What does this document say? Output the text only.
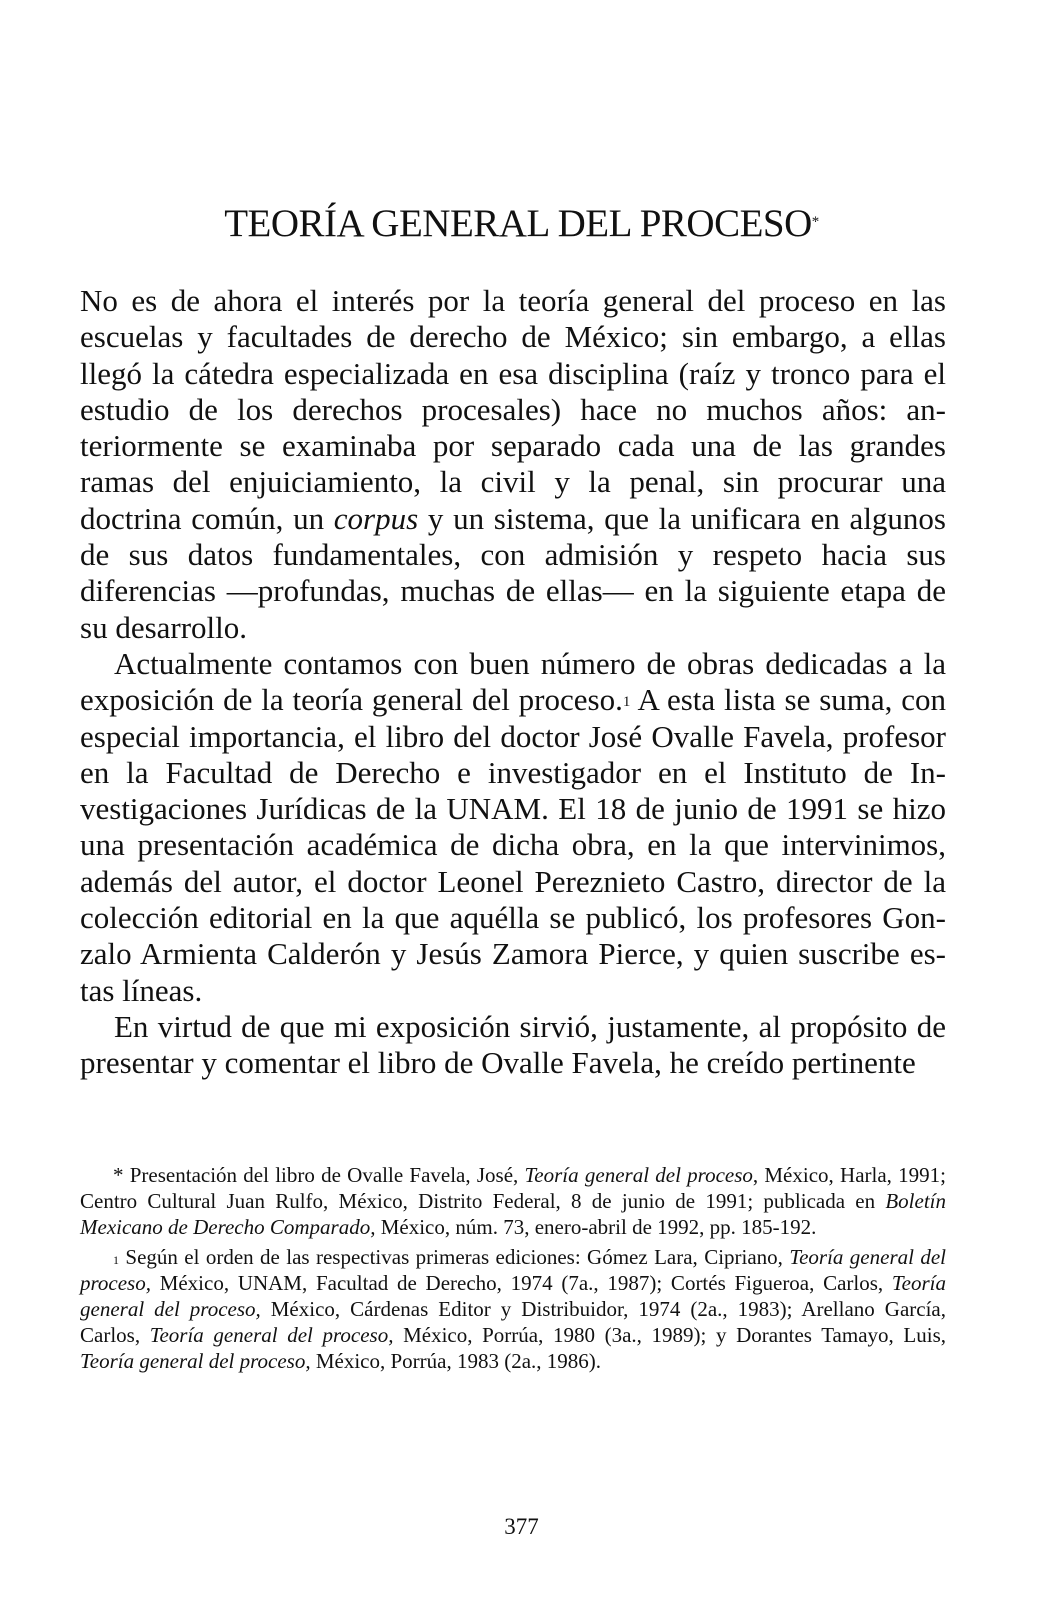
TEORÍA GENERAL DEL PROCESO*

No es de ahora el interés por la teoría general del proceso en las escuelas y facultades de derecho de México; sin embargo, a ellas llegó la cátedra especializada en esa disciplina (raíz y tronco para el estudio de los derechos procesales) hace no muchos años: anteriormente se examinaba por separado cada una de las grandes ramas del enjuiciamiento, la civil y la penal, sin procurar una doctrina común, un corpus y un sistema, que la unificara en algunos de sus datos fundamentales, con admisión y respeto hacia sus diferencias —profundas, muchas de ellas— en la siguiente etapa de su desarrollo.

Actualmente contamos con buen número de obras dedicadas a la exposición de la teoría general del proceso.$^1$ A esta lista se suma, con especial importancia, el libro del doctor José Ovalle Favela, profesor en la Facultad de Derecho e investigador en el Instituto de Investigaciones Jurídicas de la UNAM. El 18 de junio de 1991 se hizo una presentación académica de dicha obra, en la que intervinimos, además del autor, el doctor Leonel Pereznieto Castro, director de la colección editorial en la que aquélla se publicó, los profesores Gonzalo Armienta Calderón y Jesús Zamora Pierce, y quien suscribe estas líneas.

En virtud de que mi exposición sirvió, justamente, al propósito de presentar y comentar el libro de Ovalle Favela, he creído pertinente

* Presentación del libro de Ovalle Favela, José, Teoría general del proceso, México, Harla, 1991; Centro Cultural Juan Rulfo, México, Distrito Federal, 8 de junio de 1991; publicada en Boletín Mexicano de Derecho Comparado, México, núm. 73, enero-abril de 1992, pp. 185-192.

$^1$ Según el orden de las respectivas primeras ediciones: Gómez Lara, Cipriano, Teoría general del proceso, México, UNAM, Facultad de Derecho, 1974 (7a., 1987); Cortés Figueroa, Carlos, Teoría general del proceso, México, Cárdenas Editor y Distribuidor, 1974 (2a., 1983); Arellano García, Carlos, Teoría general del proceso, México, Porrúa, 1980 (3a., 1989); y Dorantes Tamayo, Luis, Teoría general del proceso, México, Porrúa, 1983 (2a., 1986).

377
